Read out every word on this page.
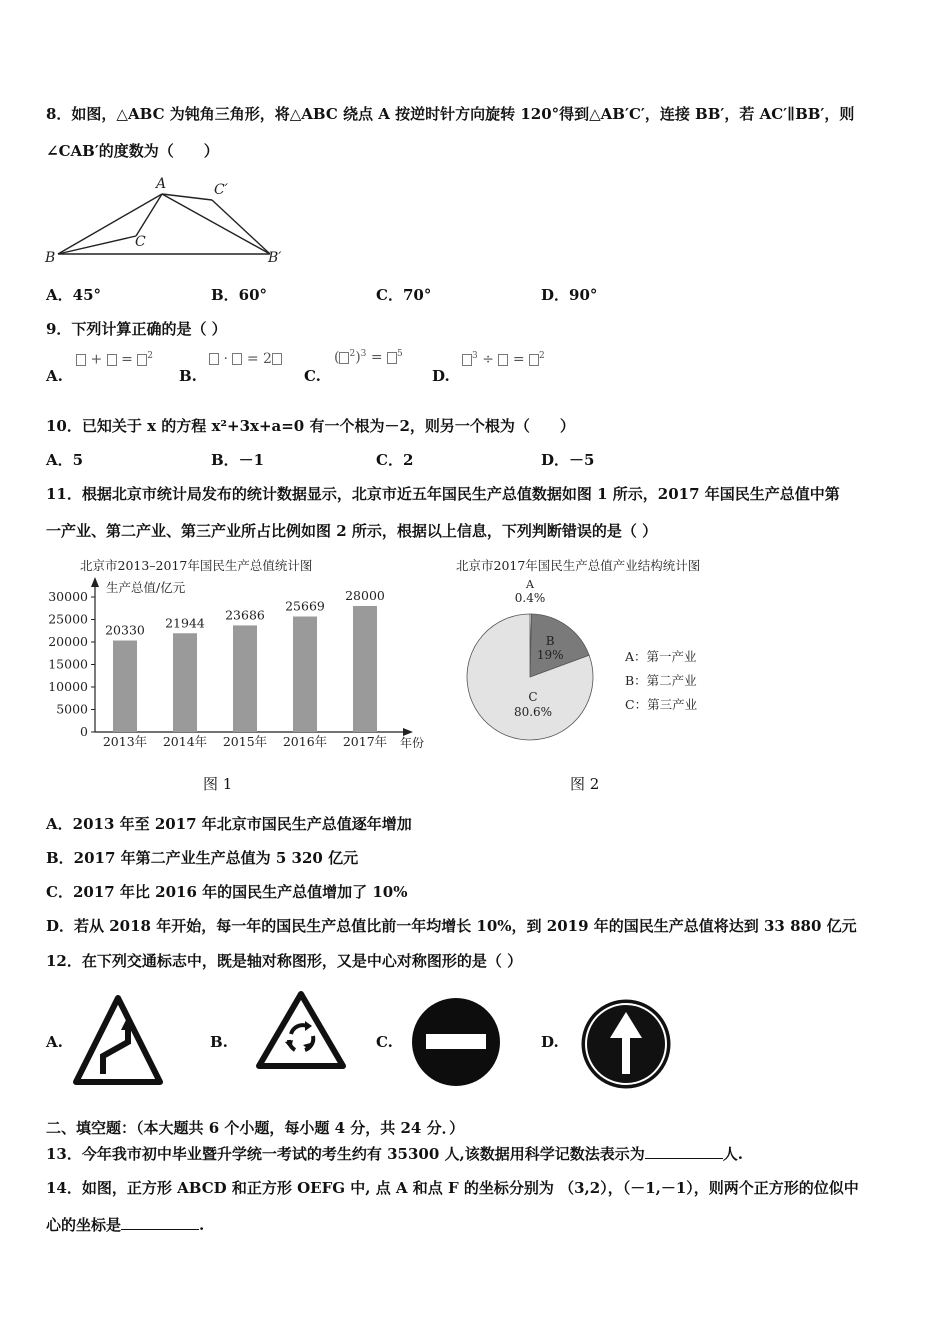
8．如图，△ABC 为钝角三角形，将△ABC 绕点 A 按逆时针方向旋转 120°得到△AB′C′，连接 BB′，若 AC′∥BB′，则
∠CAB′的度数为（　　）
A
B
C
C′
B′
A．45°	B．60°	C．70°	D．90°
9．下列计算正确的是（ ）
A.
+ = $^2$
B.
· = 2
C.
( $^2$)$^3$ = $^5$
D.
$^3$ ÷ = $^2$
10．已知关于 x 的方程 x²+3x+a=0 有一个根为－2，则另一个根为（　　）
A．5	B．－1	C．2	D．－5
11．根据北京市统计局发布的统计数据显示，北京市近五年国民生产总值数据如图 1 所示，2017 年国民生产总值中第
一产业、第二产业、第三产业所占比例如图 2 所示，根据以上信息，下列判断错误的是（ ）
北京市2013–2017年国民生产总值统计图
生产总值/亿元
年份
0
5000
10000
15000
20000
25000
30000
20330
2013年
21944
2014年
23686
2015年
25669
2016年
28000
2017年
图 1
北京市2017年国民生产总值产业结构统计图
A
0.4%
B
19%
C
80.6%
A：第一产业
B：第二产业
C：第三产业
图 2
A．2013 年至 2017 年北京市国民生产总值逐年增加
B．2017 年第二产业生产总值为 5 320 亿元
C．2017 年比 2016 年的国民生产总值增加了 10%
D．若从 2018 年开始，每一年的国民生产总值比前一年均增长 10%，到 2019 年的国民生产总值将达到 33 880 亿元
12．在下列交通标志中，既是轴对称图形，又是中心对称图形的是（ ）
A.	B.	C.	D.
二、填空题：（本大题共 6 个小题，每小题 4 分，共 24 分．）
13．今年我市初中毕业暨升学统一考试的考生约有 35300 人,该数据用科学记数法表示为	人.
14．如图，正方形 ABCD 和正方形 OEFG 中, 点 A 和点 F 的坐标分别为 （3,2），（－1,－1），则两个正方形的位似中
心的坐标是	.
